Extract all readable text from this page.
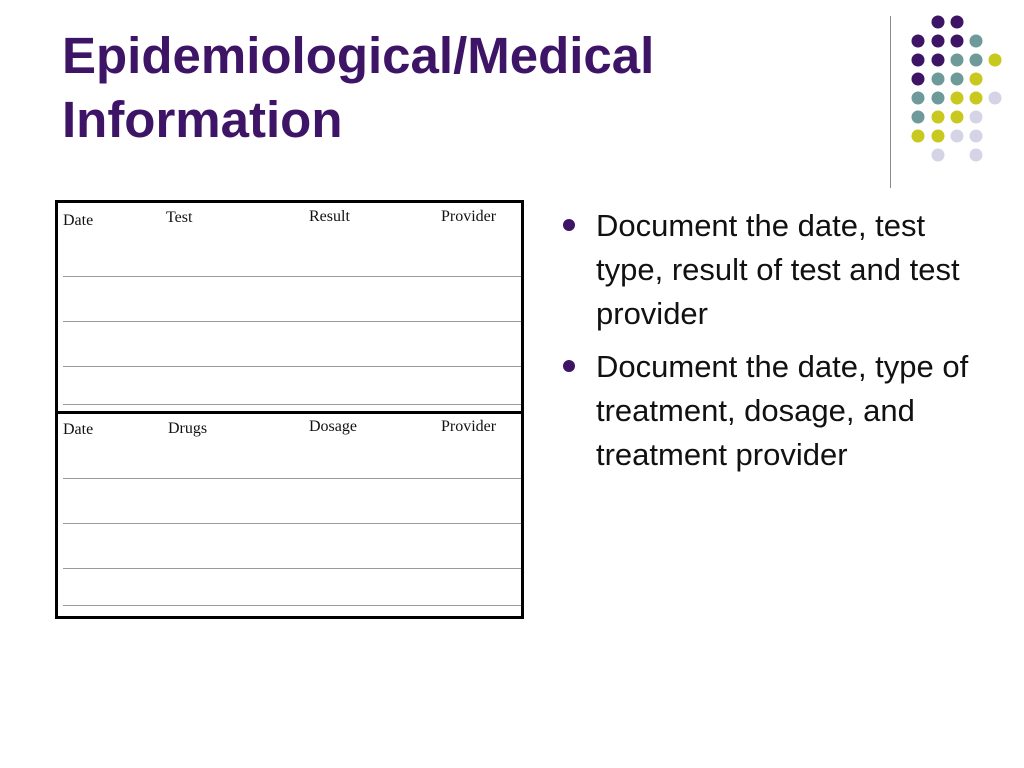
Epidemiological/Medical
Information
Date	Test	Result	Provider
Date	Drugs	Dosage	Provider
Document the date, test type, result of test and test provider
Document the date, type of treatment, dosage, and treatment provider
